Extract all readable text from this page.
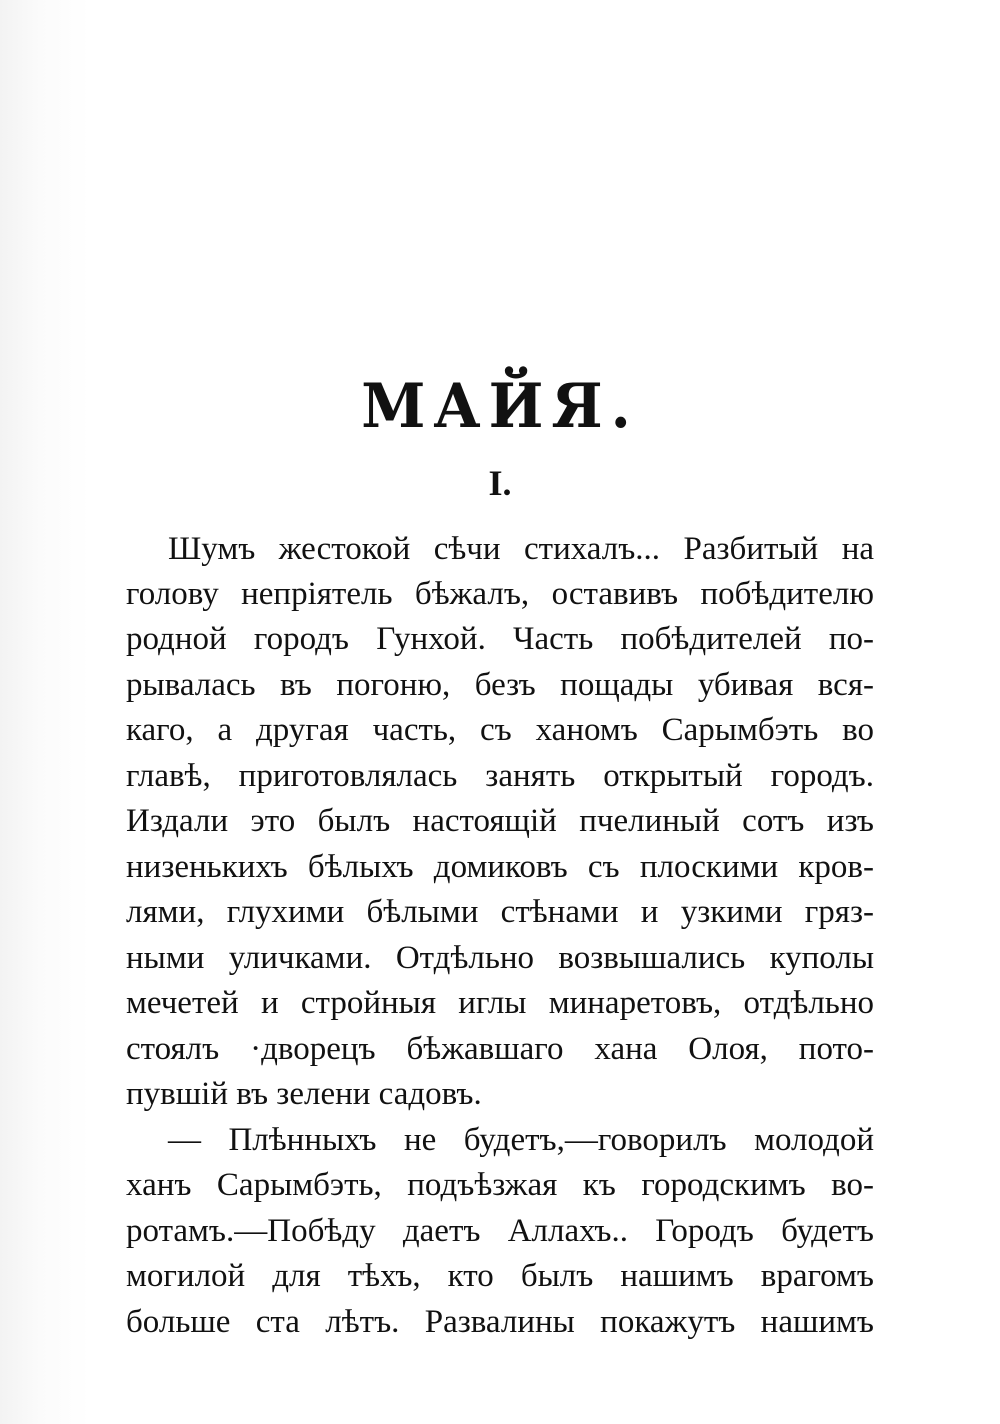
МАЙЯ.
I.

Шумъ жестокой сѣчи стихалъ... Разбитый на

голову непріятель бѣжалъ, оставивъ побѣдителю

родной городъ Гунхой. Часть побѣдителей по-

рывалась въ погоню, безъ пощады убивая вся-

каго, а другая часть, съ ханомъ Сарымбэть во

главѣ, приготовлялась занять открытый городъ.

Издали это былъ настоящій пчелиный сотъ изъ

низенькихъ бѣлыхъ домиковъ съ плоскими кров-

лями, глухими бѣлыми стѣнами и узкими гряз-

ными уличками. Отдѣльно возвышались куполы

мечетей и стройныя иглы минаретовъ, отдѣльно

стоялъ ·дворецъ бѣжавшаго хана Олоя, пото-

пувшій въ зелени садовъ.

— Плѣнныхъ не будетъ,—говорилъ молодой

ханъ Сарымбэть, подъѣзжая къ городскимъ во-

ротамъ.—Побѣду даетъ Аллахъ.. Городъ будетъ

могилой для тѣхъ, кто былъ нашимъ врагомъ

больше ста лѣтъ. Развалины покажутъ нашимъ
